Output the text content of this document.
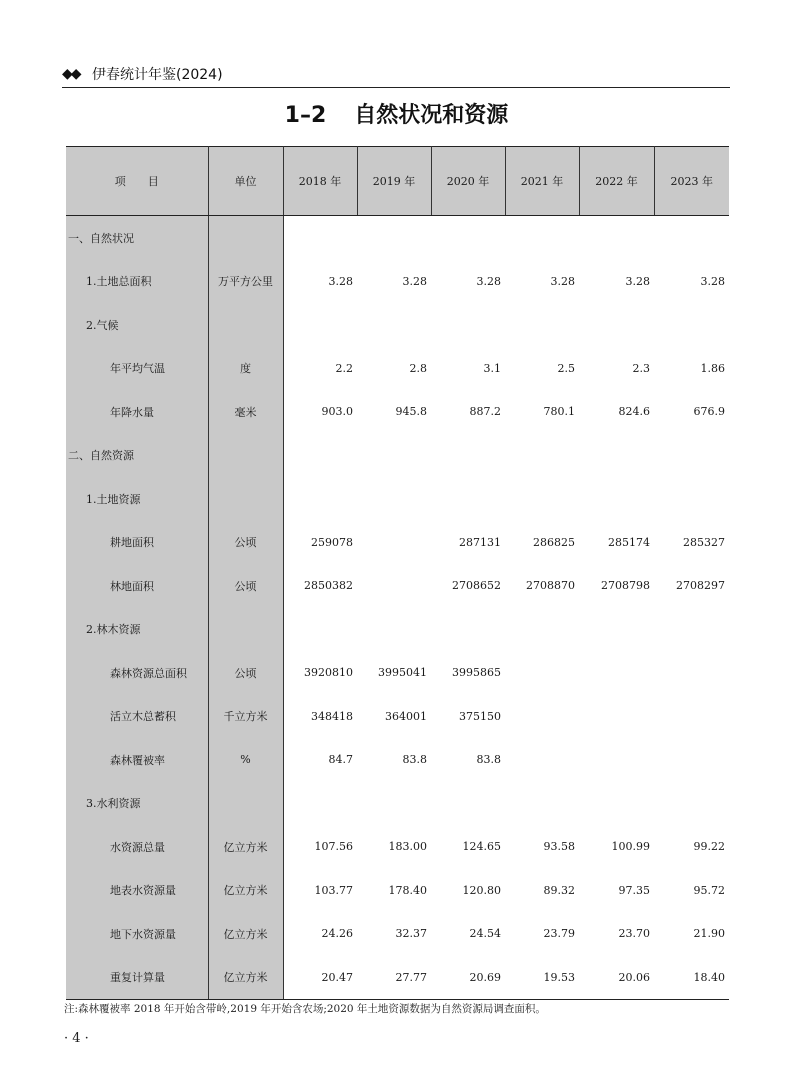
◆◆ 伊春统计年鉴(2024)
1–2 自然状况和资源
项　　目	单位	2018 年	2019 年	2020 年	2021 年	2022 年	2023 年
一、自然状况							
1.土地总面积	万平方公里	3.28	3.28	3.28	3.28	3.28	3.28
2.气候							
年平均气温	度	2.2	2.8	3.1	2.5	2.3	1.86
年降水量	毫米	903.0	945.8	887.2	780.1	824.6	676.9
二、自然资源							
1.土地资源							
耕地面积	公顷	259078		287131	286825	285174	285327
林地面积	公顷	2850382		2708652	2708870	2708798	2708297
2.林木资源							
森林资源总面积	公顷	3920810	3995041	3995865			
活立木总蓄积	千立方米	348418	364001	375150			
森林覆被率	%	84.7	83.8	83.8			
3.水利资源							
水资源总量	亿立方米	107.56	183.00	124.65	93.58	100.99	99.22
地表水资源量	亿立方米	103.77	178.40	120.80	89.32	97.35	95.72
地下水资源量	亿立方米	24.26	32.37	24.54	23.79	23.70	21.90
重复计算量	亿立方米	20.47	27.77	20.69	19.53	20.06	18.40
注:森林覆被率 2018 年开始含带岭,2019 年开始含农场;2020 年土地资源数据为自然资源局调查面积。
· 4 ·
